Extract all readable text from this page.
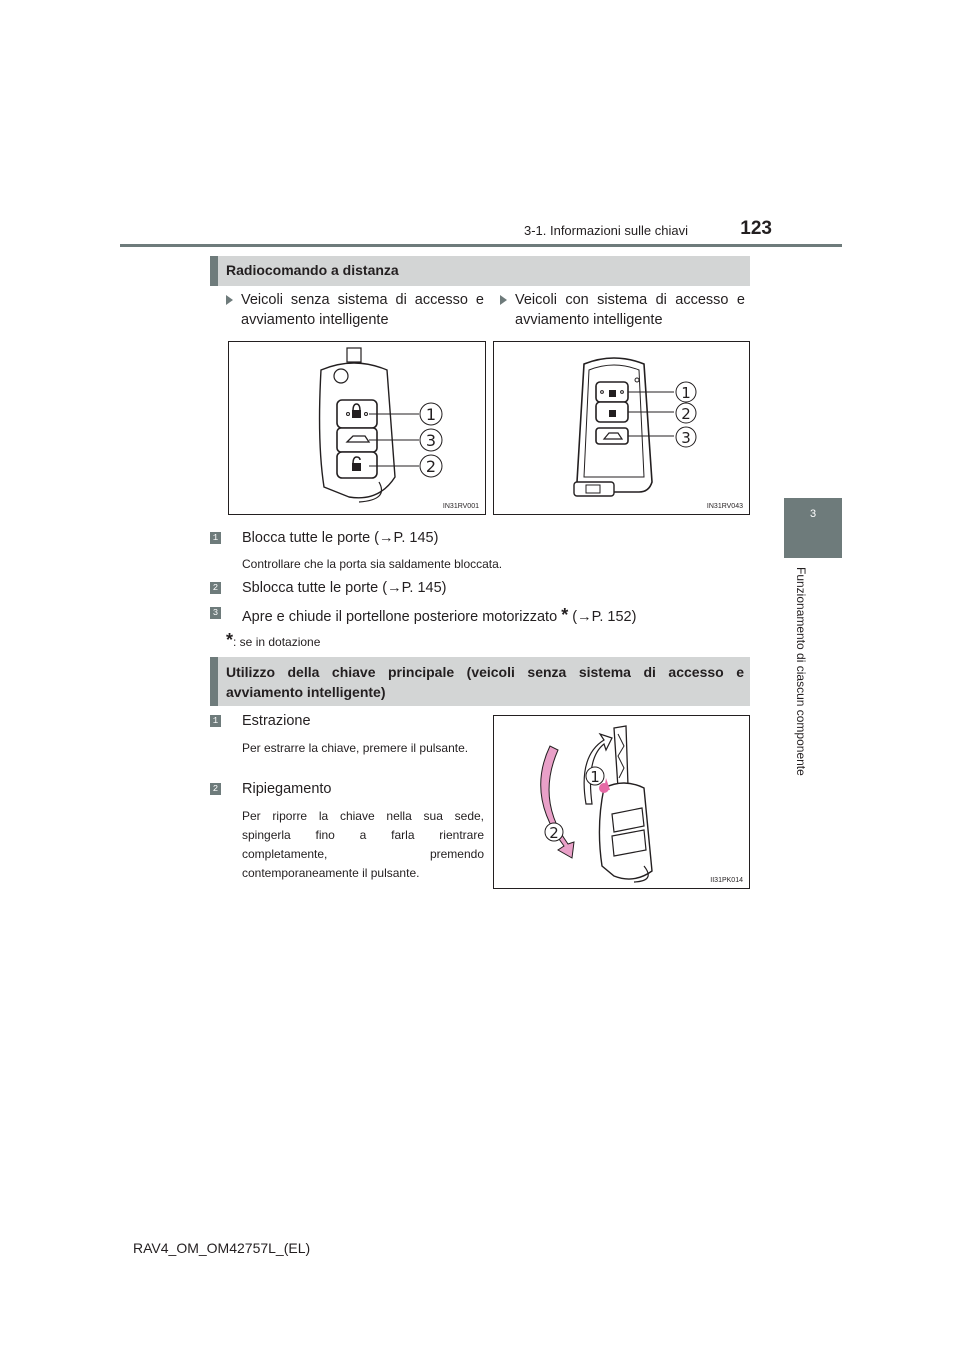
3-1. Informazioni sulle chiavi	123
3
Funzionamento di ciascun componente
Radiocomando a distanza
Veicoli senza sistema di accesso e avviamento intelligente
Veicoli con sistema di accesso e avviamento intelligente
1
3
2
IN31RV001
1
2
3
IN31RV043
1 Blocca tutte le porte (→P. 145)
Controllare che la porta sia saldamente bloccata.
2 Sblocca tutte le porte (→P. 145)
3 Apre e chiude il portellone posteriore motorizzato * (→P. 152)
*: se in dotazione
Utilizzo della chiave principale (veicoli senza sistema di accesso e avviamento intelligente)
1 Estrazione
Per estrarre la chiave, premere il pulsante.
2 Ripiegamento
Per riporre la chiave nella sua sede, spingerla fino a farla rientrare completamente, premendo contemporaneamente il pulsante.
1
2
II31PK014
RAV4_OM_OM42757L_(EL)
